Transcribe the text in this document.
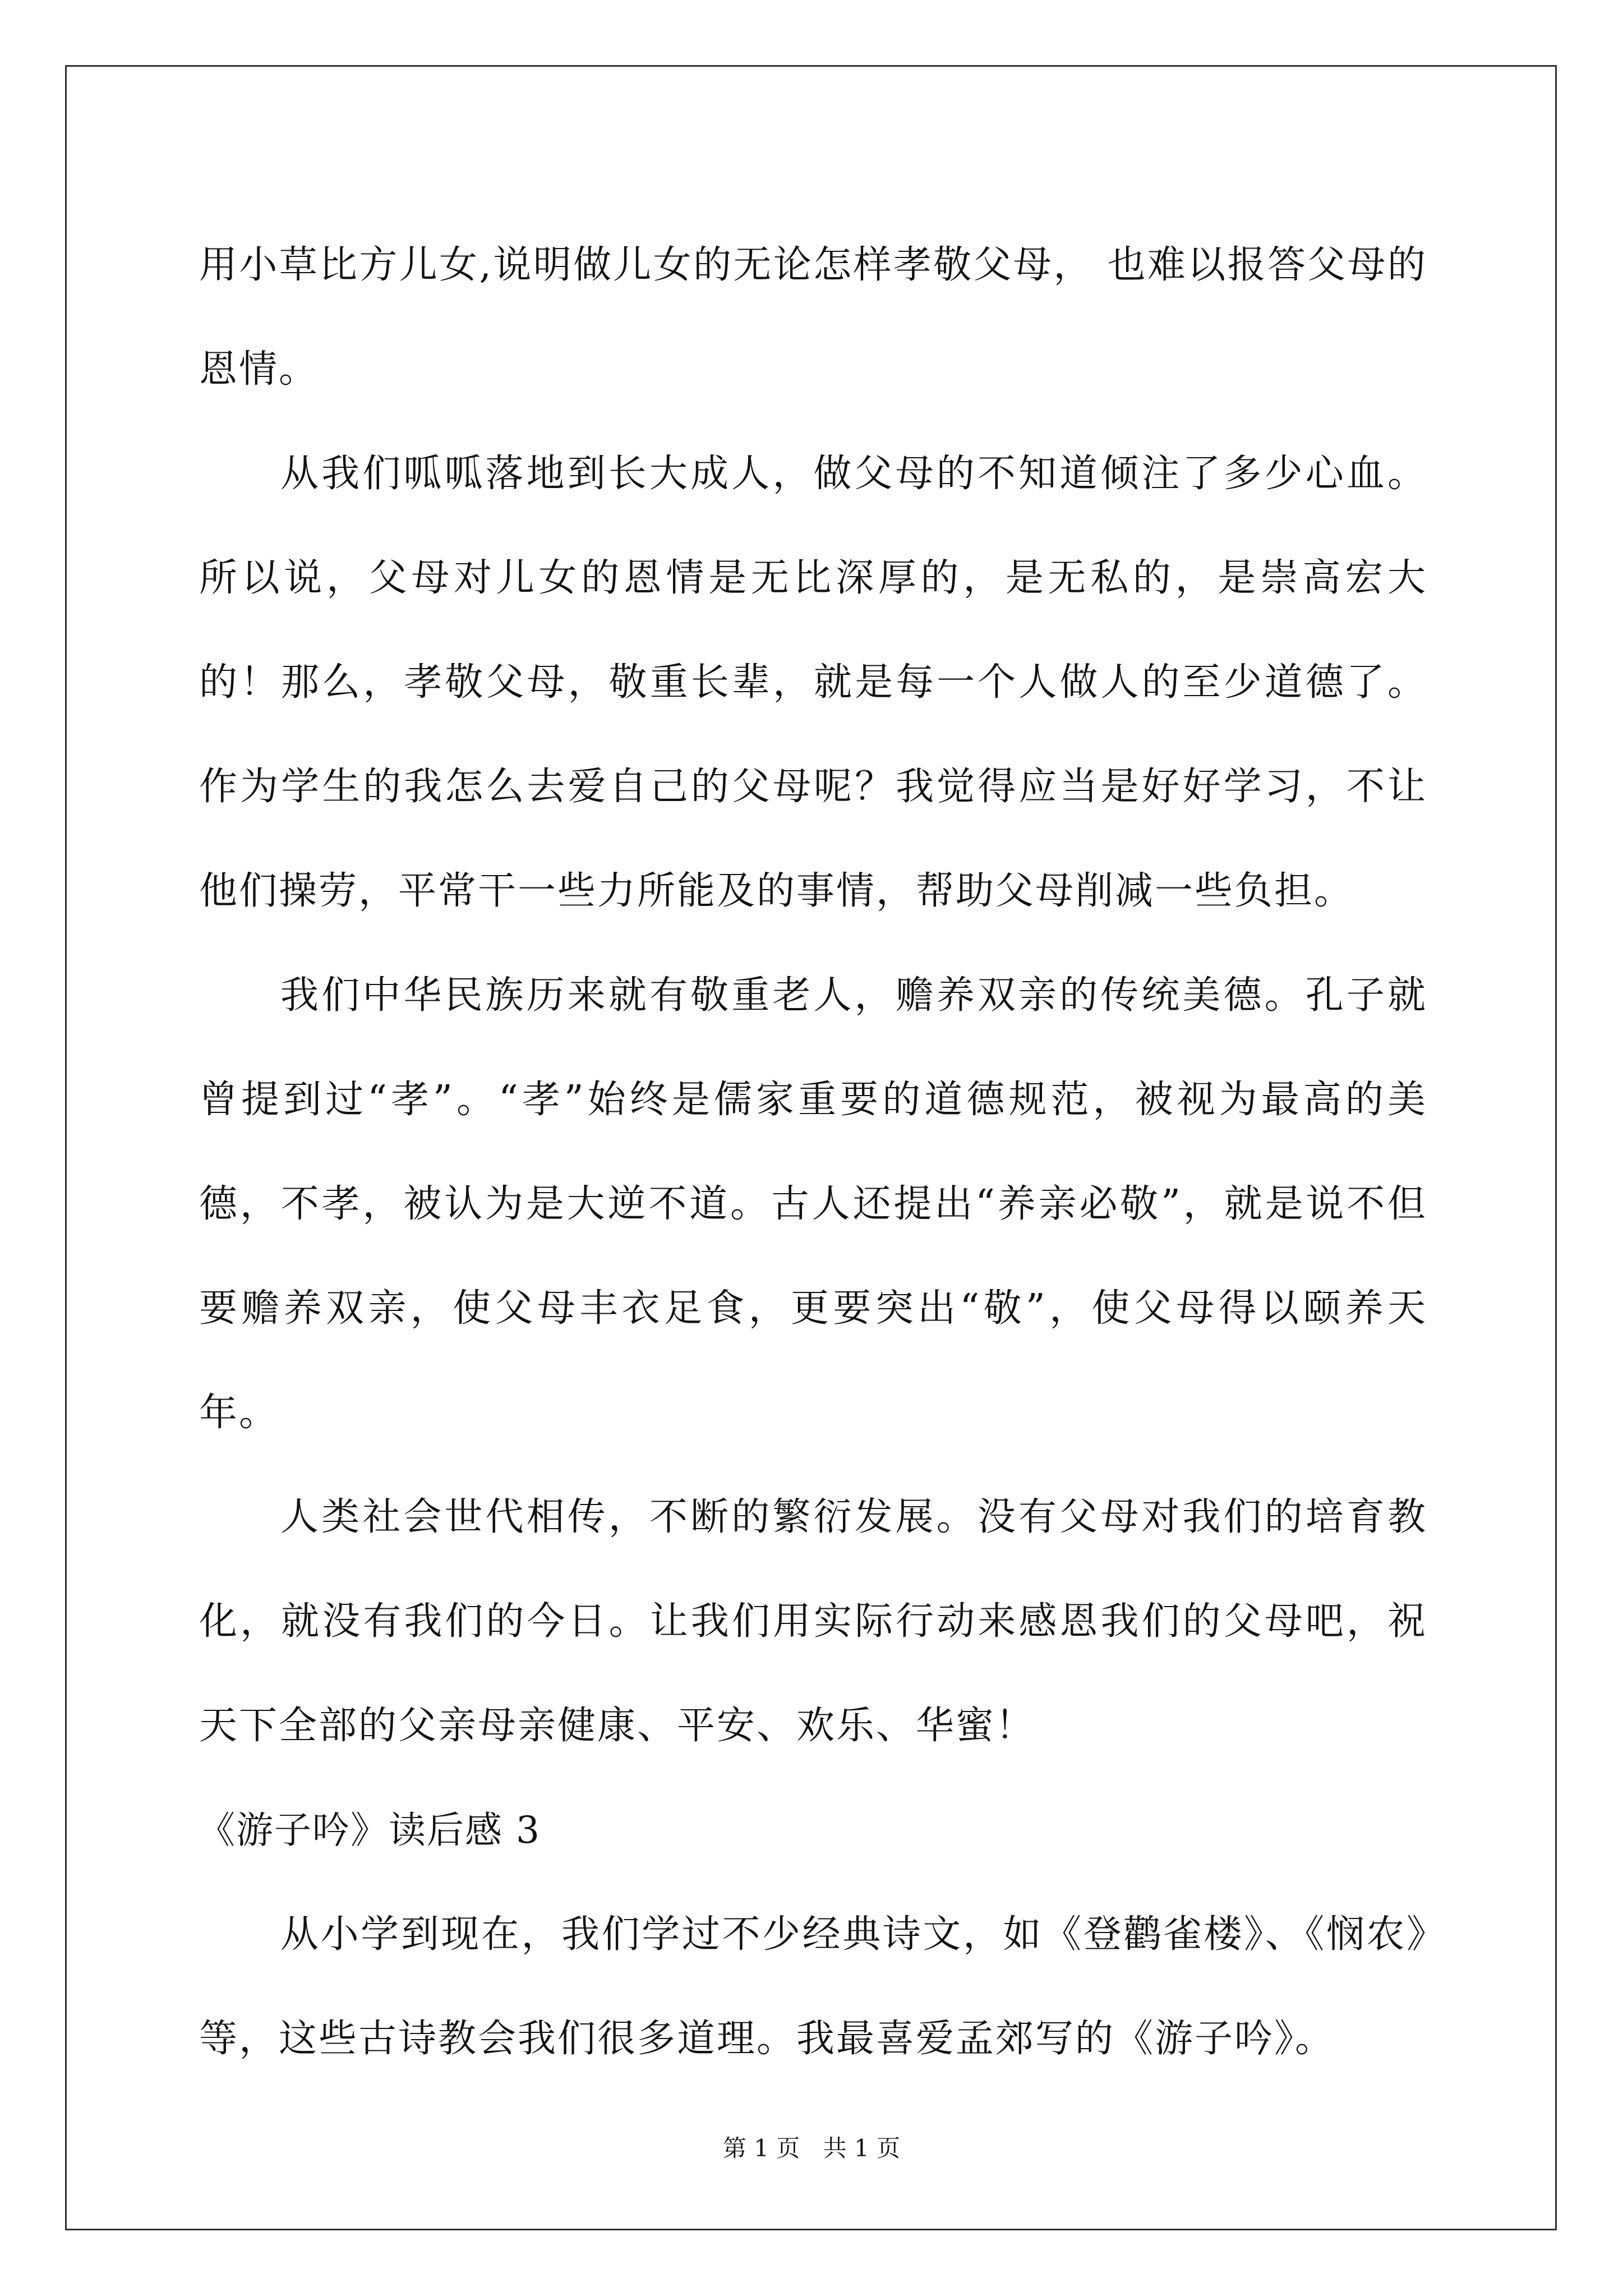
用小草比方儿女,说明做儿女的无论怎样孝敬父母， 也难以报答父母的恩情。

从我们呱呱落地到长大成人，做父母的不知道倾注了多少心血。所以说，父母对儿女的恩情是无比深厚的，是无私的，是崇高宏大的！那么，孝敬父母，敬重长辈，就是每一个人做人的至少道德了。作为学生的我怎么去爱自己的父母呢？我觉得应当是好好学习，不让他们操劳，平常干一些力所能及的事情，帮助父母削减一些负担。

我们中华民族历来就有敬重老人，赡养双亲的传统美德。孔子就曾提到过“孝”。“孝”始终是儒家重要的道德规范，被视为最高的美德，不孝，被认为是大逆不道。古人还提出“养亲必敬”，就是说不但要赡养双亲，使父母丰衣足食，更要突出“敬”，使父母得以颐养天年。

人类社会世代相传，不断的繁衍发展。没有父母对我们的培育教化，就没有我们的今日。让我们用实际行动来感恩我们的父母吧，祝天下全部的父亲母亲健康、平安、欢乐、华蜜！

《游子吟》读后感 3

从小学到现在，我们学过不少经典诗文，如《登鹳雀楼》、《悯农》等，这些古诗教会我们很多道理。我最喜爱孟郊写的《游子吟》。

第 1 页 共 1 页
